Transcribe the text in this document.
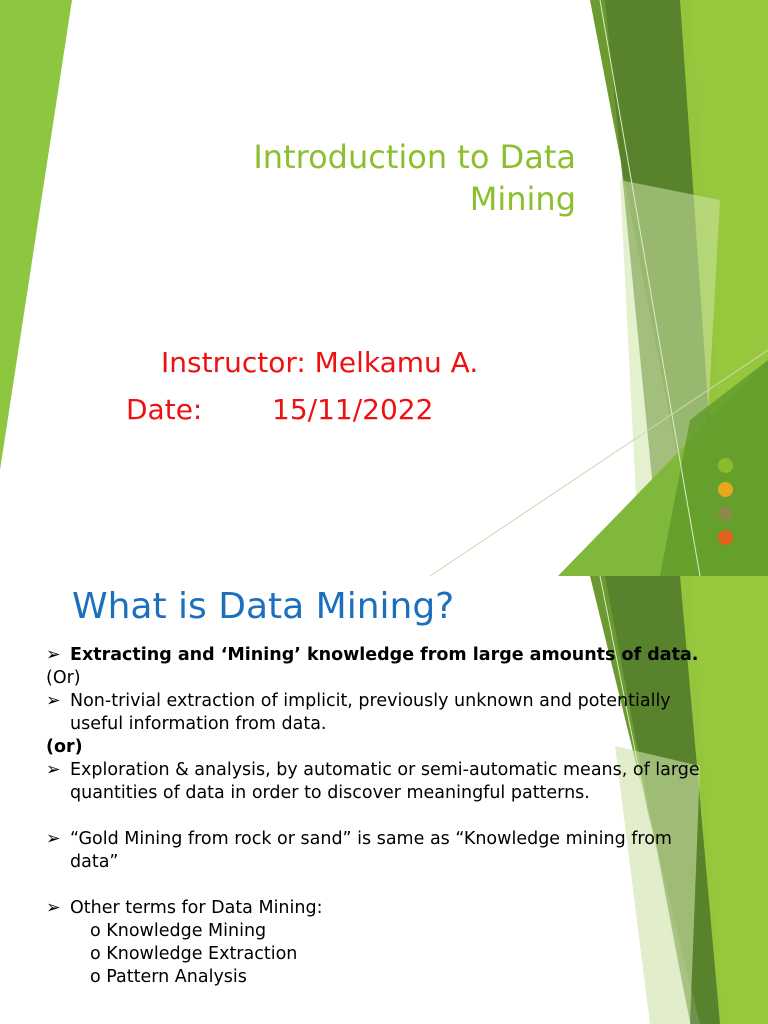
Introduction to Data Mining
Instructor: Melkamu A.
Date: 15/11/2022
What is Data Mining?
➢ Extracting and ‘Mining’ knowledge from large amounts of data.
(Or)
➢ Non-trivial extraction of implicit, previously unknown and potentially useful information from data.
(or)
➢ Exploration & analysis, by automatic or semi-automatic means, of large quantities of data in order to discover meaningful patterns.
➢ “Gold Mining from rock or sand” is same as “Knowledge mining from data”
➢ Other terms for Data Mining:
o Knowledge Mining
o Knowledge Extraction
o Pattern Analysis
